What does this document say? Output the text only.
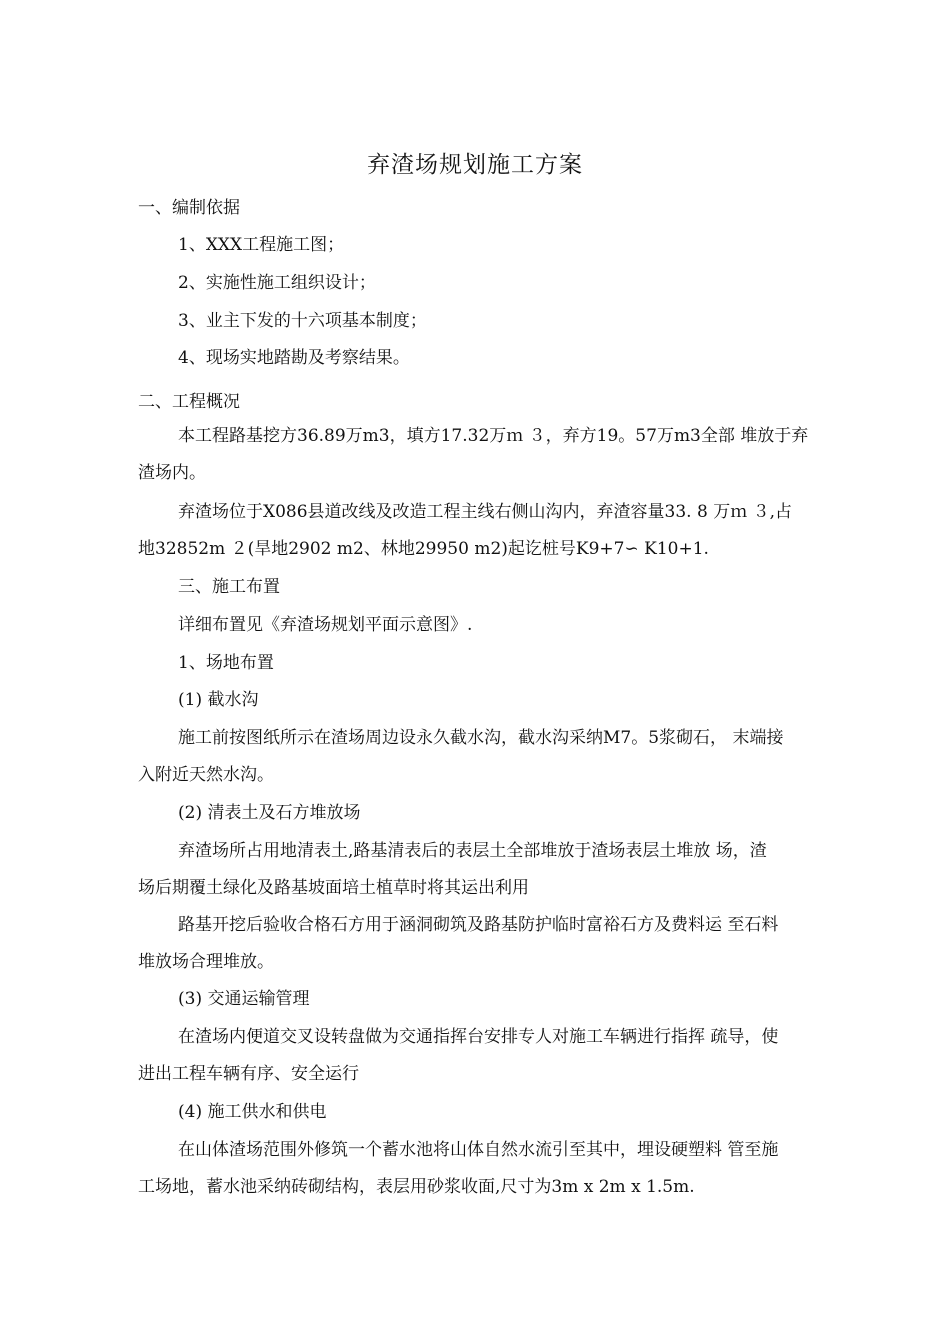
弃渣场规划施工方案
一、编制依据
1、XXX工程施工图；
2、实施性施工组织设计；
3、业主下发的十六项基本制度；
4、现场实地踏勘及考察结果。
二、工程概况
本工程路基挖方36.89万m3，填方17.32万ｍ ３，弃方19。57万m3全部 堆放于弃
渣场内。
弃渣场位于X086县道改线及改造工程主线右侧山沟内，弃渣容量33. 8 万ｍ ３,占
地32852m ２(旱地2902 m2、林地29950 m2)起讫桩号K9+7∽ K10+1.
三、施工布置
详细布置见《弃渣场规划平面示意图》.
1、场地布置
(1) 截水沟
施工前按图纸所示在渣场周边设永久截水沟，截水沟采纳M7。5浆砌石， 末端接
入附近天然水沟。
(2) 清表土及石方堆放场
弃渣场所占用地清表土,路基清表后的表层土全部堆放于渣场表层土堆放 场，渣
场后期覆土绿化及路基坡面培土植草时将其运出利用
路基开挖后验收合格石方用于涵洞砌筑及路基防护临时富裕石方及费料运 至石料
堆放场合理堆放。
(3) 交通运输管理
在渣场内便道交叉设转盘做为交通指挥台安排专人对施工车辆进行指挥 疏导，使
进出工程车辆有序、安全运行
(4) 施工供水和供电
在山体渣场范围外修筑一个蓄水池将山体自然水流引至其中，埋设硬塑料 管至施
工场地，蓄水池采纳砖砌结构，表层用砂浆收面,尺寸为3m x 2m x 1.5m.
